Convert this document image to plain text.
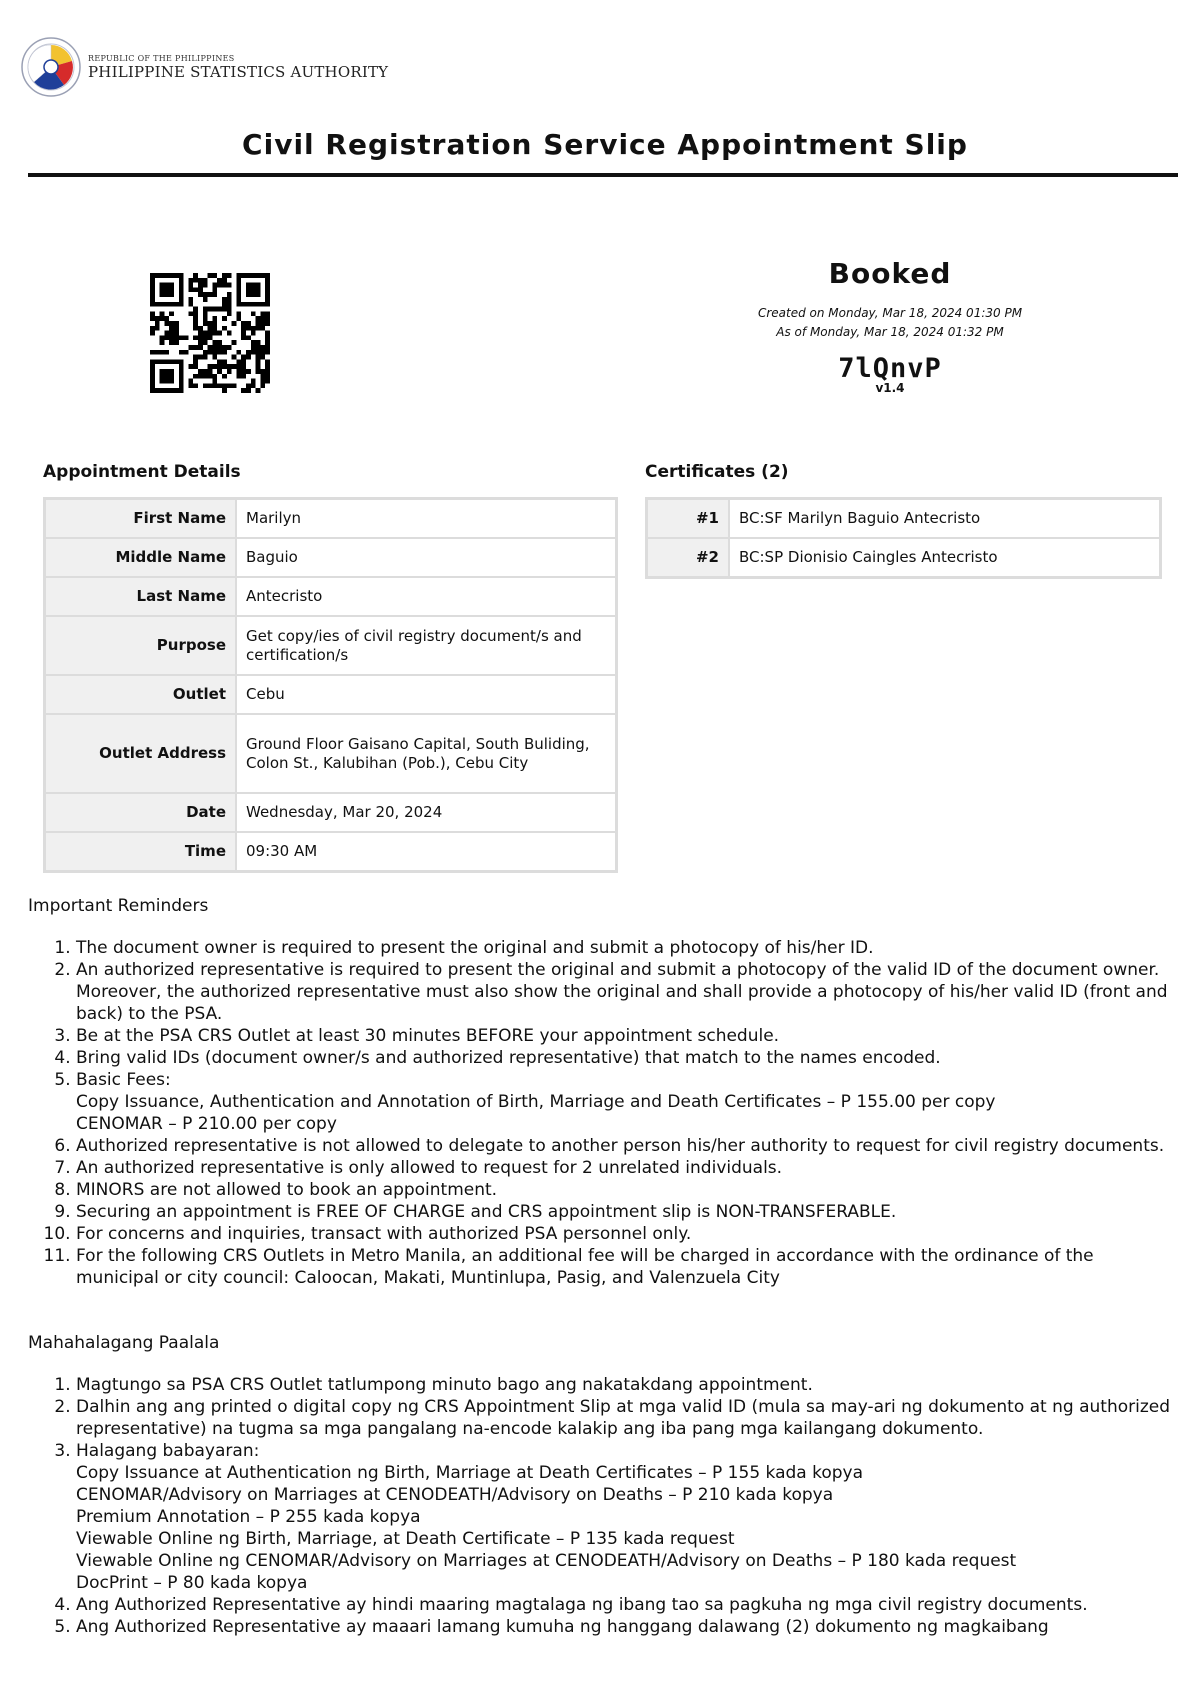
REPUBLIC OF THE PHILIPPINES
PHILIPPINE STATISTICS AUTHORITY
Civil Registration Service Appointment Slip
Booked
Created on Monday, Mar 18, 2024 01:30 PM
As of Monday, Mar 18, 2024 01:32 PM
7lQnvP
v1.4
Appointment Details
First Name	Marilyn
Middle Name	Baguio
Last Name	Antecristo
Purpose	Get copy/ies of civil registry document/s and certification/s
Outlet	Cebu
Outlet Address	Ground Floor Gaisano Capital, South Buliding, Colon St., Kalubihan (Pob.), Cebu City
Date	Wednesday, Mar 20, 2024
Time	09:30 AM
Certificates (2)
#1	BC:SF Marilyn Baguio Antecristo
#2	BC:SP Dionisio Caingles Antecristo
Important Reminders
1. The document owner is required to present the original and submit a photocopy of his/her ID.
2. An authorized representative is required to present the original and submit a photocopy of the valid ID of the document owner. Moreover, the authorized representative must also show the original and shall provide a photocopy of his/her valid ID (front and back) to the PSA.
3. Be at the PSA CRS Outlet at least 30 minutes BEFORE your appointment schedule.
4. Bring valid IDs (document owner/s and authorized representative) that match to the names encoded.
5. Basic Fees:
Copy Issuance, Authentication and Annotation of Birth, Marriage and Death Certificates – P 155.00 per copy
CENOMAR – P 210.00 per copy
6. Authorized representative is not allowed to delegate to another person his/her authority to request for civil registry documents.
7. An authorized representative is only allowed to request for 2 unrelated individuals.
8. MINORS are not allowed to book an appointment.
9. Securing an appointment is FREE OF CHARGE and CRS appointment slip is NON-TRANSFERABLE.
10. For concerns and inquiries, transact with authorized PSA personnel only.
11. For the following CRS Outlets in Metro Manila, an additional fee will be charged in accordance with the ordinance of the municipal or city council: Caloocan, Makati, Muntinlupa, Pasig, and Valenzuela City
Mahahalagang Paalala
1. Magtungo sa PSA CRS Outlet tatlumpong minuto bago ang nakatakdang appointment.
2. Dalhin ang ang printed o digital copy ng CRS Appointment Slip at mga valid ID (mula sa may-ari ng dokumento at ng authorized representative) na tugma sa mga pangalang na-encode kalakip ang iba pang mga kailangang dokumento.
3. Halagang babayaran:
Copy Issuance at Authentication ng Birth, Marriage at Death Certificates – P 155 kada kopya
CENOMAR/Advisory on Marriages at CENODEATH/Advisory on Deaths – P 210 kada kopya
Premium Annotation – P 255 kada kopya
Viewable Online ng Birth, Marriage, at Death Certificate – P 135 kada request
Viewable Online ng CENOMAR/Advisory on Marriages at CENODEATH/Advisory on Deaths – P 180 kada request
DocPrint – P 80 kada kopya
4. Ang Authorized Representative ay hindi maaring magtalaga ng ibang tao sa pagkuha ng mga civil registry documents.
5. Ang Authorized Representative ay maaari lamang kumuha ng hanggang dalawang (2) dokumento ng magkaibang
